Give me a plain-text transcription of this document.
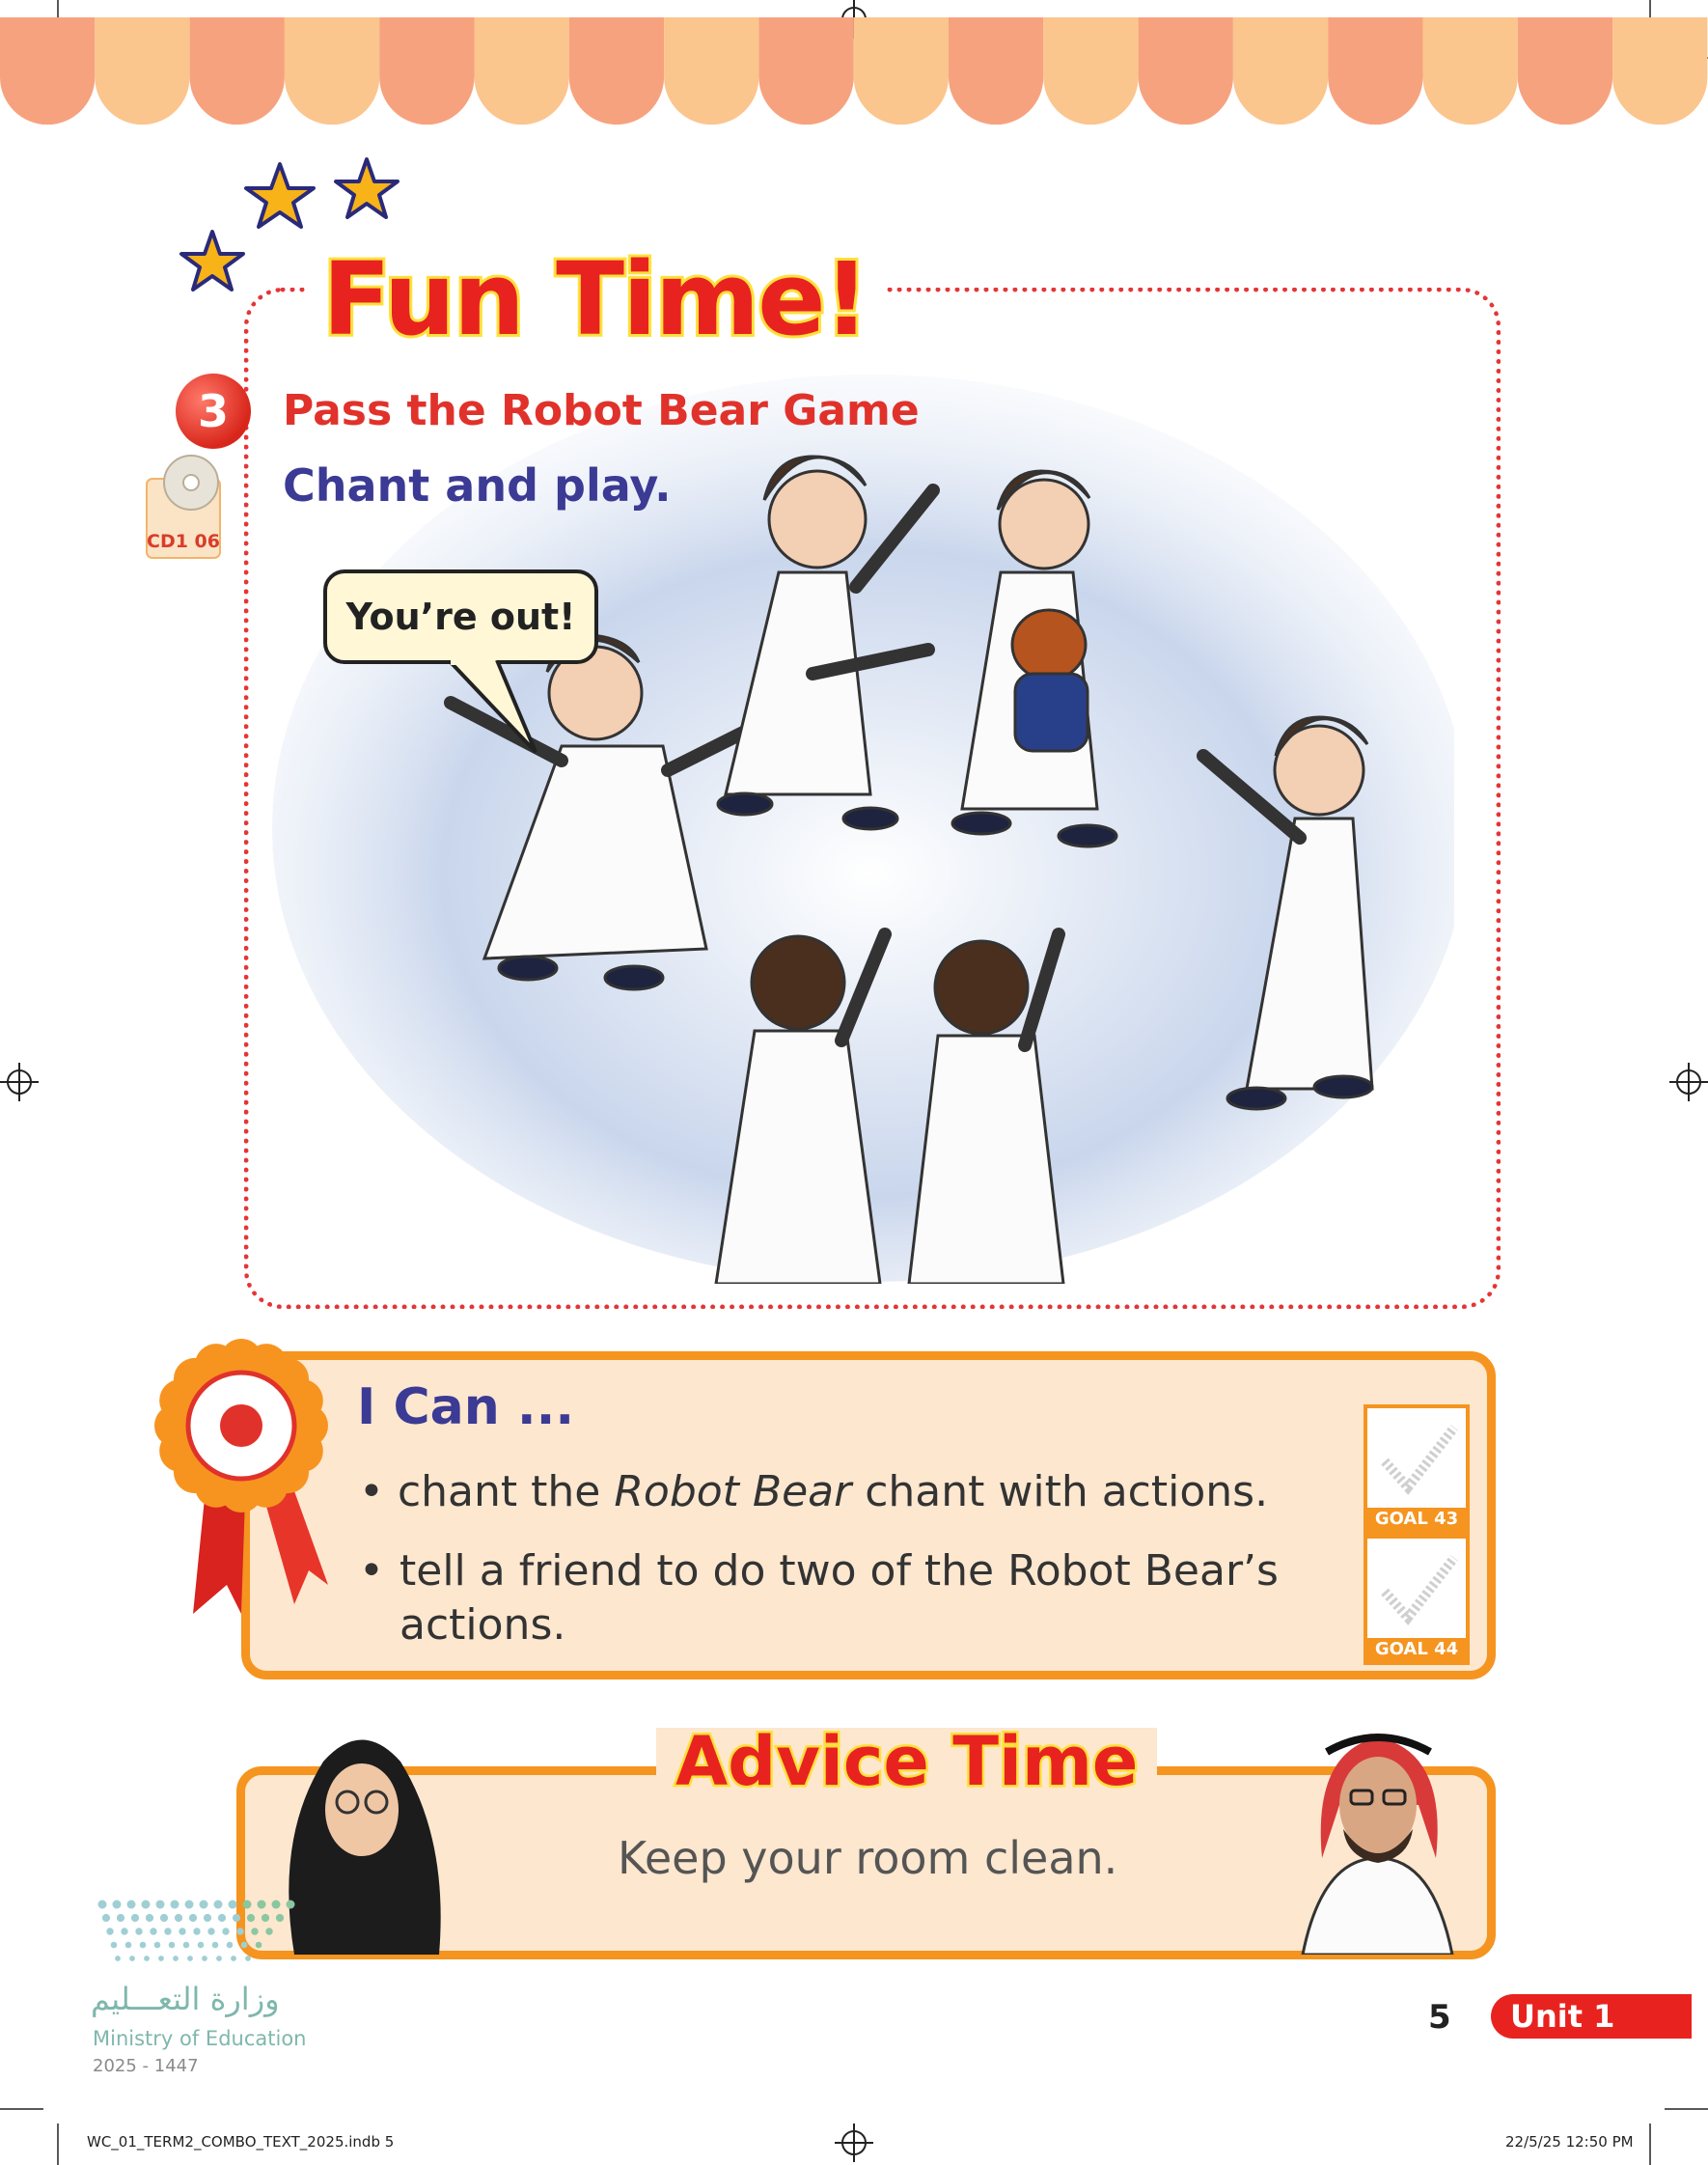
You’re out!
Fun Time!
3	Pass the Robot Bear Game
Chant and play.
CD1 06
I Can ...
• chant the Robot Bear chant with actions.
• tell a friend to do two of the Robot Bear’s actions.
GOAL 43
GOAL 44
Advice Time
Keep your room clean.
وزارة التعـــليم
Ministry of Education
2025 - 1447
5	Unit 1
WC_01_TERM2_COMBO_TEXT_2025.indb 5	22/5/25 12:50 PM
